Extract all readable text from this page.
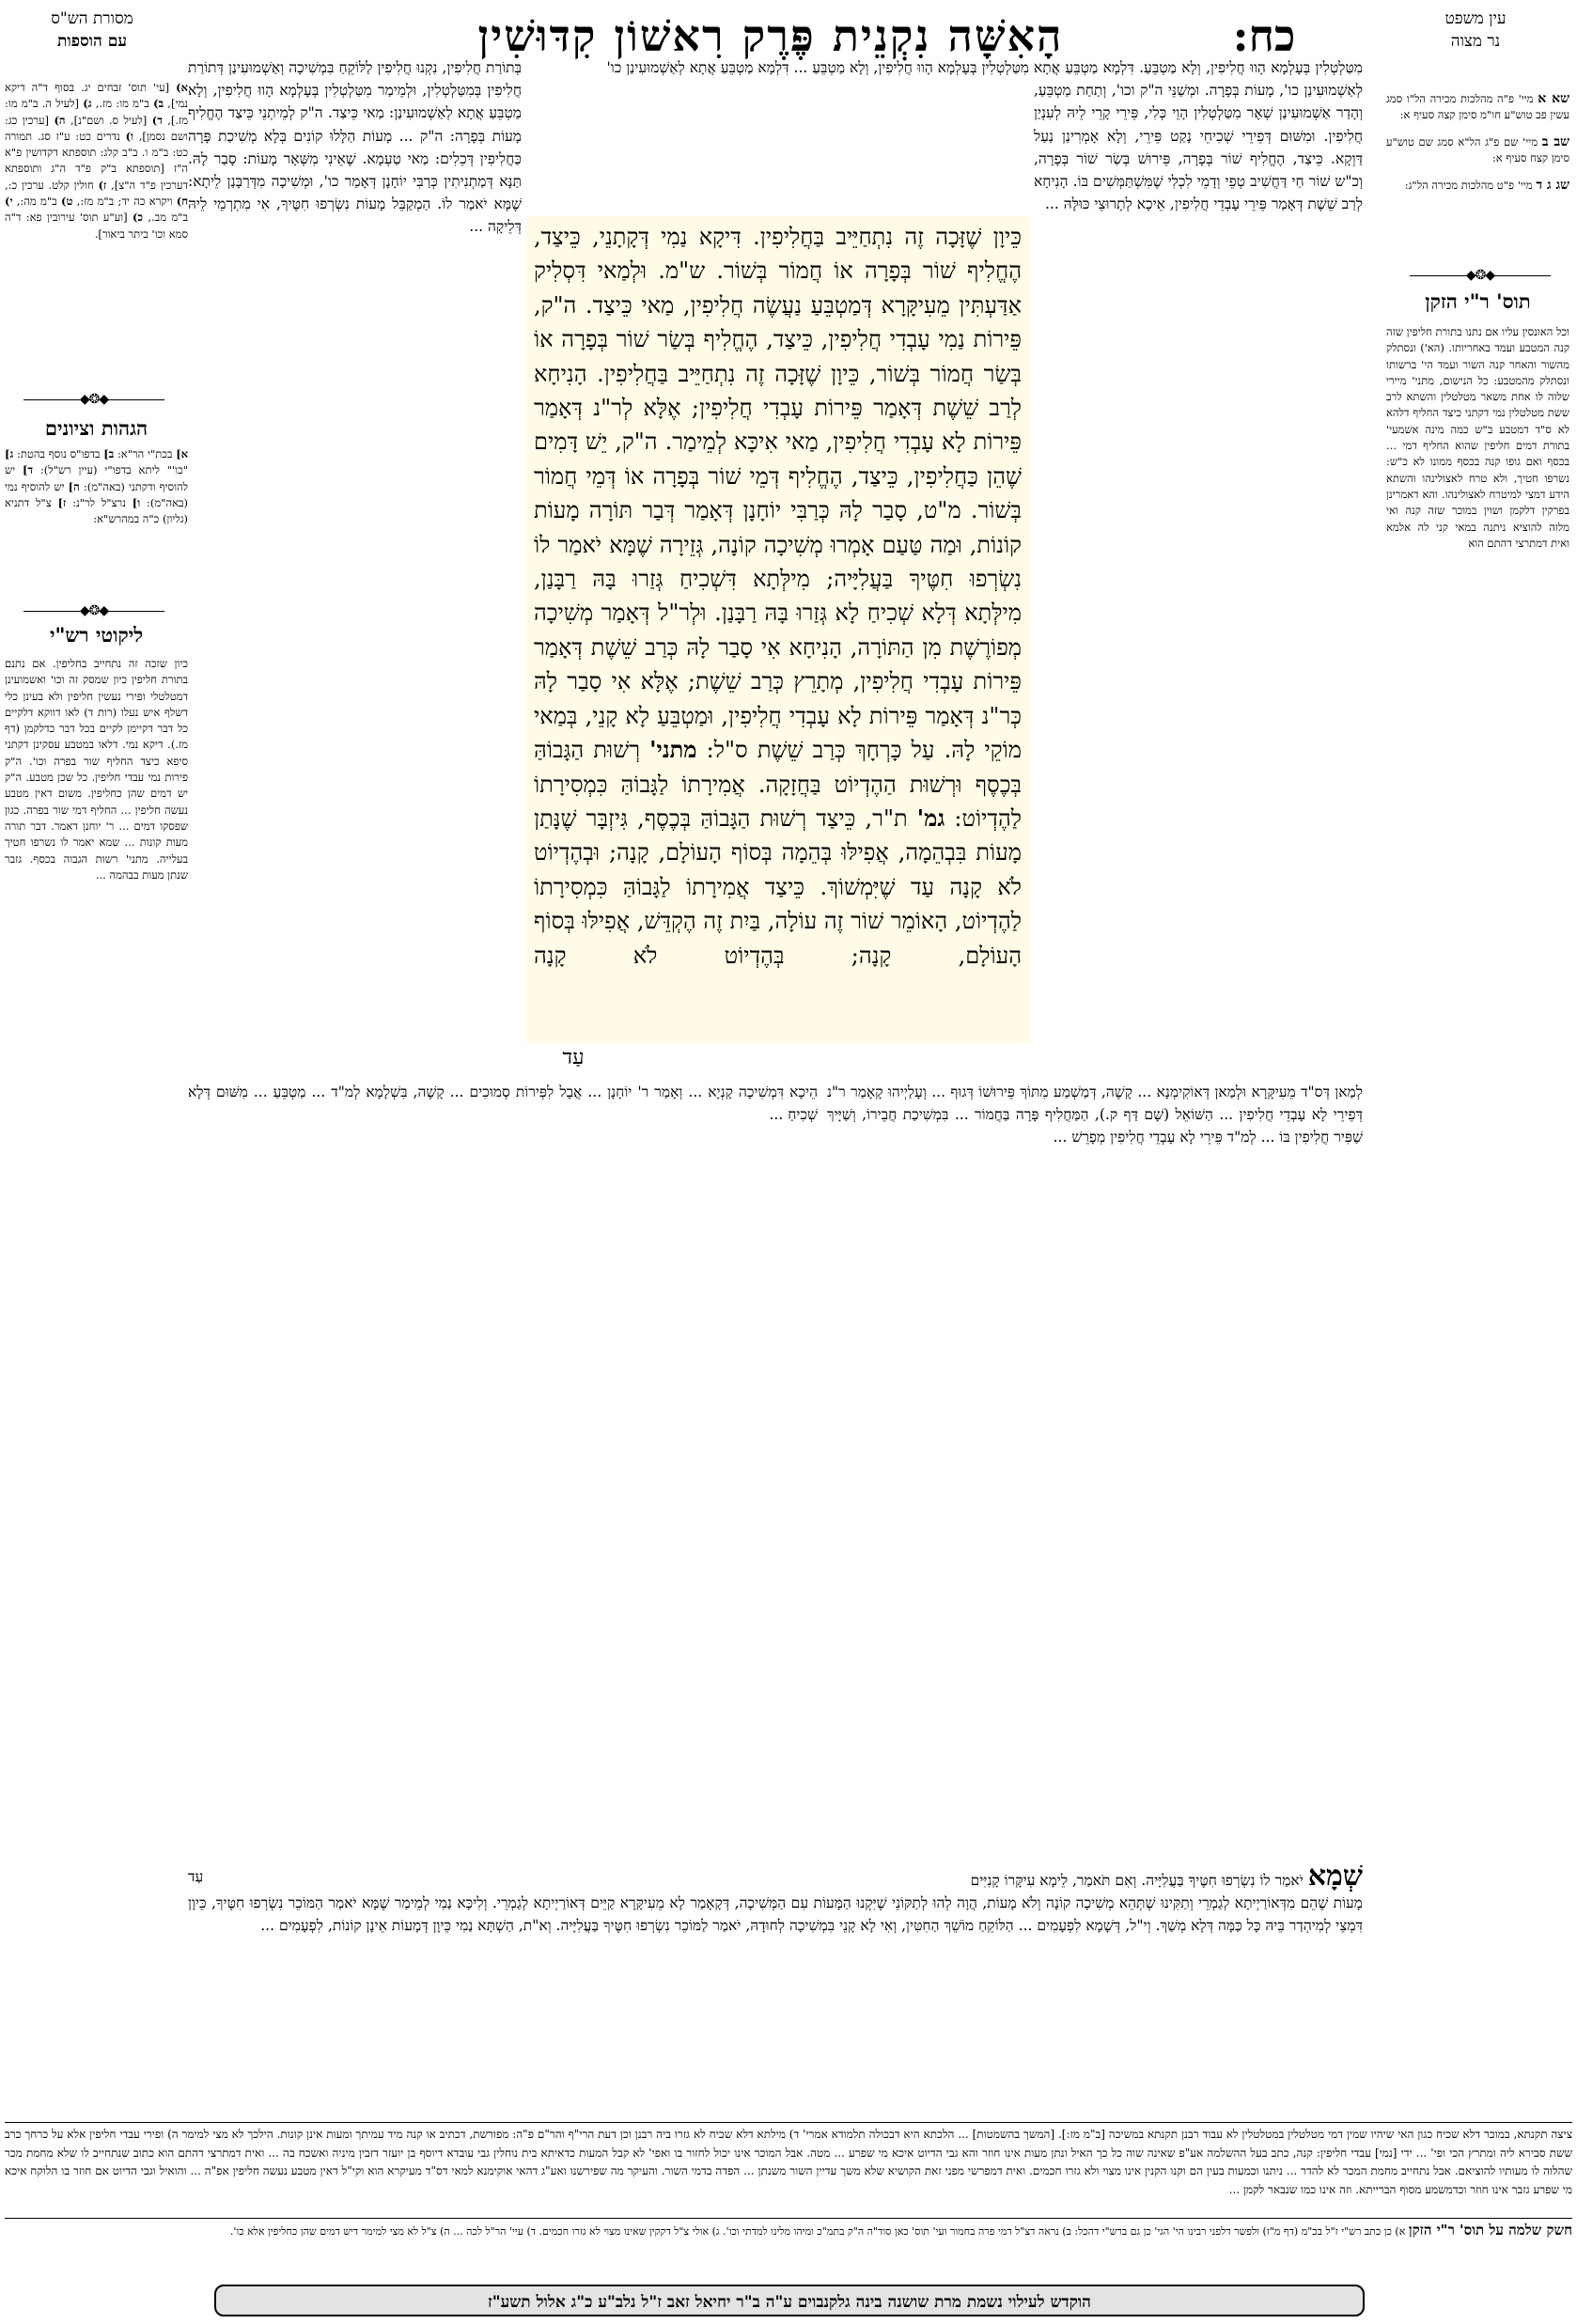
כח:
הָאִשָּׁה נִקְנֵית פֶּרֶק רִאשׁוֹן קִדּוּשִׁין	עין משפט
נר מצוה
מסורת הש"ס
עם הוספות

שא א מיי' פ"ה מהלכות מכירה הל"ו סמג עשין פב טוש"ע חו"מ סימן קצה סעיף א:

שב ב מיי' שם פ"ג הל"א סמג שם טוש"ע סימן קצח סעיף א:

שג ג ד מיי' פ"ט מהלכות מכירה הל"ג:

◆❂◆
תוס' ר"י הזקן
וכל האונסין עליו אם נתנו בתורת חליפין שזה קנה המטבע ועמד באחריותו. (הא') ונסתלק מהשור והאחר קנה השור ועמד הי' ברשותו ונסתלק מהמטבע: כל הנישום, מתני' מיירי שלוה לו אחת משאר מטלטלין והשתא לרב ששת מטלטלין נמי דקתני כיצד החליף דלהא לא ס"ד דמטבע ב"ש כמה מינה אשמעי' בתורת דמים חליפין שהוא החליף דמי ... בכסף ואם גופו קנה בכסף ממונו לא כ"ש: נשרפו חטיך, ולא טרח לאצולינהו והשתא הידע דמצי למיטרח לאצולינהו. והא דאמרינן בפרקין דלקמן ושוין במוכר שזה קנה ואי מלוה להוציא ניתנה במאי קני לה אלמא ואית דמתרצי דהתם הוא
א) [עי' תוס' זבחים יג. בסוף ד"ה דיקא נמי], ב) ב"מ מו: מז., ג) [לעיל ה. ב"מ מו: מז.], ד) [לעיל ס. ושם"נ], ה) [ערכין כג: ושם נסמן], ו) נדרים כט: ע"ז סג. תמורה כט: ב"מ ו. ב"ב קלג: תוספתא דקדושין פ"א ה"ז [תוספתא ב"ק פ"ד ה"ג ותוספתא דערכין פ"ד ה"צ], ז) חולין קלט. ערכין כ:, ח) ויקרא כה יד; ב"מ מז:, ט) ב"מ מה:, י) ב"מ מב., כ) [וע"ע תוס' עירובין פא: ד"ה סמא וכו' ביתר ביאור].
◆❂◆
הגהות וציונים
א] בכת"י הר"א: ב] בדפו"ס נוסף בהטת: ג] "כו'" ליתא בדפו"י (עיין רש"ל): ד] יש להוסיף ודקתני (באה"מ): ה] יש להוסיף נמי (באה"מ): ו] נרצ"ל לר"נ: ז] צ"ל דתניא (גליון) כ"ה במהרש"א:
◆❂◆
ליקוטי רש"י
כיון שזכה זה נתחייב בחליפין. אם נתנם בתורת חליפין כיון שמסק זה וכו' ואשמועינן דמטלטלי ופירי נעשין חליפין ולא בעינן כלי דשלף איש נעלו (רות ד) לאו דווקא דלקיים כל דבר דקיימן לקיים בכל דבר כדלקמן (דף מז.). דיקא נמי. דלאו במטבע עסקינן דקתני סיפא כיצד החליף שור בפרה וכו'. ה"ק פירות נמי עבדי חליפין. כל שכן מטבע. ה"ק יש דמים שהן כחליפין. משום דאין מטבע נעשה חליפין ... החליף דמי שור בפרה. כגון שפסקו דמים ... ר' יוחנן דאמר. דבר תורה מעות קונות ... שמא יאמר לו נשרפו חטיך בעלייה. מתני' רשות הגבוה בכסף. גזבר שנתן מעות בבהמה ...
מִטַּלְטְלִין בְּעָלְמָא הָווּ חֲלִיפִין, וְלָא מַטְבֵּעַ. דִּלְמָא מַטְבֵּעַ אֲתָא לְאַשְׁמוּעִינַן כו', מָעוֹת בְּפָרָה. וּמְשַׁנֵּי ה"ק וכו', וְתַחַת מַטְבֵּעַ, וְהָדַר אַשְׁמוּעִינַן שְׁאָר מִטַּלְטְלִין הָוֵי כְּלִי, פֵּירֵי קָרֵי לֵיהּ לְעִנְיַן חֲלִיפִין. וּמִשּׁוּם דְּפֵירֵי שְׁכִיחֵי נָקַט פֵּירֵי, וְלָא אָמְרִינַן נַעַל דַּוְקָא. כֵּיצַד, הֶחֱלִיף שׁוֹר בְּפָרָה, פֵּירוּשׁ בְּשַׂר שׁוֹר בְּפָרָה, וְכ"ש שׁוֹר חַי דַּחֲשִׁיב טְפֵי וְדָמֵי לִכְלִי שֶׁמִּשְׁתַּמְּשִׁים בּוֹ. הָנִיחָא לְרַב שֵׁשֶׁת דְּאָמַר פֵּירֵי עָבְדֵי חֲלִיפִין, אֵיכָא לְתָרוּצֵי כּוּלָּהּ ...
מִטַּלְטְלִין בְּעָלְמָא הָווּ חֲלִיפִין, וְלָא מַטְבֵּעַ ... דִּלְמָא מַטְבֵּעַ אֲתָא לְאַשְׁמוּעִינַן כו'
בְּתוֹרַת חֲלִיפִין, נִקְנוּ חֲלִיפִין לַלּוֹקֵחַ בִּמְשִׁיכָה וְאַשְׁמוּעִינַן דְּתוֹרַת חֲלִיפִין בְּמִטַּלְטְלִין, וּלְמֵימַר מִטַּלְטְלִין בְּעָלְמָא הָווּ חֲלִיפִין, וְלָא מַטְבֵּעַ אֲתָא לְאַשְׁמוּעִינַן: מַאי כֵּיצַד. ה"ק לְמֵיתְנֵי כֵּיצַד הֶחֱלִיף מָעוֹת בְּפָרָה: ה"ק ... מָעוֹת הַלָּלוּ קוֹנִים בְּלָא מְשִׁיכַת פָּרָה כַּחֲלִיפִין דְּכֵלִים: מַאי טַעְמָא. שֶׁאֵינִי מִשְּׁאָר מָעוֹת: סָבַר לָהּ. תַּנָּא דְּמַתְנִיתִין כְּרַבִּי יוֹחָנָן דְּאָמַר כו', וּמְשִׁיכָה מִדְּרַבָּנַן לֵיתָא: שֶׁמָּא יֹאמַר לוֹ. הַמְקַבֵּל מָעוֹת נִשְׂרְפוּ חִטֶּיךָ, אִי מִתְרְמֵי לֵיהּ דְּלֵיקָה ...	כֵּיוָן שֶׁזָּכָה זֶה נִתְחַיֵּיב בַּחֲלִיפִין. דִּיקָא נַמִי דְּקָתָנֵי, כֵּיצַד, הֶחֱלִיף שׁוֹר בְּפָרָה אוֹ חֲמוֹר בְּשׁוֹר. ש"מ. וּלְמַאי דִּסְלִיק אַדַּעְתִּין מֵעִיקָּרָא דְּמַטְבֵּעַ נַעֲשֶׂה חֲלִיפִין, מַאי כֵּיצַד. ה"ק, פֵּירוֹת נַמִי עָבְדִי חֲלִיפִין, כֵּיצַד, הֶחֱלִיף בְּשַׂר שׁוֹר בְּפָרָה אוֹ בְּשַׂר חֲמוֹר בְּשׁוֹר, כֵּיוָן שֶׁזָּכָה זֶה נִתְחַיֵּיב בַּחֲלִיפִין. הָנִיחָא לְרַב שֵׁשֶׁת דְּאָמַר פֵּירוֹת עָבְדִי חֲלִיפִין; אֶלָּא לְר"נ דְּאָמַר פֵּירוֹת לָא עָבְדִי חֲלִיפִין, מַאי אִיכָּא לְמֵימַר. ה"ק, יֵשׁ דָּמִים שֶׁהֵן כַּחֲלִיפִין, כֵּיצַד, הֶחֱלִיף דְּמֵי שׁוֹר בְּפָרָה אוֹ דְּמֵי חֲמוֹר בְּשׁוֹר. מ"ט, סָבַר לָהּ כְּרַבִּי יוֹחָנָן דְּאָמַר דְּבַר תּוֹרָה מָעוֹת קוֹנוֹת, וּמַה טַּעַם אָמְרוּ מְשִׁיכָה קוֹנָה, גְּזֵירָה שֶׁמָּא יֹאמַר לוֹ נִשְׂרְפוּ חִטֶּיךָ בַּעֲלִיָּיה; מִילְּתָא דִּשְׁכִיחַ גְּזַרוּ בָּהּ רַבָּנַן, מִילְּתָא דְּלָא שְׁכִיחַ לָא גְּזַרוּ בָּהּ רַבָּנַן. וּלְר"ל דְּאָמַר מְשִׁיכָה מְפוֹרֶשֶׁת מִן הַתּוֹרָה, הָנִיחָא אִי סָבַר לָהּ כְּרַב שֵׁשֶׁת דְּאָמַר פֵּירוֹת עָבְדִי חֲלִיפִין, מְתָרֵץ כְּרַב שֵׁשֶׁת; אֶלָּא אִי סָבַר לָהּ כְּר"נ דְּאָמַר פֵּירוֹת לָא עָבְדִי חֲלִיפִין, וּמַטְבֵּעַ לָא קָנֵי, בְּמַאי מוֹקֵי לָהּ. עַל כָּרְחָךְ כְּרַב שֵׁשֶׁת ס"ל: מתני' רְשׁוּת הַגָּבוֹהַּ בְּכֶסֶף וּרְשׁוּת הַהֶדְיוֹט בַּחֲזָקָה. אֲמִירָתוֹ לַגָּבוֹהַּ כִּמְסִירָתוֹ לַהֶדְיוֹט: גמ' ת"ר, כֵּיצַד רְשׁוּת הַגָּבוֹהַּ בְּכֶסֶף, גִּיזְבָּר שֶׁנָּתַן מָעוֹת בִּבְהֵמָה, אֲפִילּוּ בְּהֵמָה בְּסוֹף הָעוֹלָם, קָנָה; וּבְהֶדְיוֹט לֹא קָנָה עַד שֶׁיִּמְשׁוֹךְ. כֵּיצַד אֲמִירָתוֹ לַגָּבוֹהַּ כִּמְסִירָתוֹ לַהֶדְיוֹט, הָאוֹמֵר שׁוֹר זֶה עוֹלָה, בַּיִת זֶה הֶקְדֵּשׁ, אֲפִילּוּ בְּסוֹף הָעוֹלָם, קָנָה; בְּהֶדְיוֹט לֹא קָנָה
עַד
לְמַאן דְּס"ד מֵעִיקָּרָא וּלְמַאן דְּאוֹקִימְנָא ... קָשֶׁה, דְּמַשְׁמַע מִתּוֹךְ פֵּירוּשׁוֹ דְּגוּף ... וְעָלַיְיהוּ קָאָמַר ר"נ דְּפֵירֵי לָא עָבְדֵי חֲלִיפִין ... הַשּׁוֹאֵל (שָׁם דַּף ק.), הַמַּחֲלִיף פָּרָה בַּחֲמוֹר ... בִּמְשִׁיכַת חֲבֵירוֹ, וְשַׁיָּיךְ שַׁפִּיר חֲלִיפִין בּוֹ ... לְמ"ד פֵּירֵי לָא עָבְדֵי חֲלִיפִין מְפָרֵשׁ ...
הֵיכָא דִּמְשִׁיכָה קָנְיָא ... וְאָמַר ר' יוֹחָנָן ... אֲבָל לִפְּירוֹת סְמוּכִים ... קָשֶׁה, בִּשְׁלָמָא לְמ"ד ... מַטְבֵּעַ ... מִשּׁוּם דְּלָא שְׁכִיחַ ...
שְׁמָא יֹאמַר לוֹ נִשְׂרְפוּ חִטֶּיךָ בַּעֲלִיָּיה. וְאִם תֹּאמַר, לֵימָא עִיקָּרוֹ קָנִיִּים
עַד
מָעוֹת שֶׁהֵם מִדְּאוֹרַיְיתָא לְגַמְרֵי וְתַקִּינוּ שֶׁתְּהֵא מְשִׁיכָה קוֹנָה וְלֹא מָעוֹת, הֲוָה לְהוּ לְתַקּוֹנֵי שֶׁיִּקְנוּ הַמָּעוֹת עִם הַמְּשִׁיכָה, דְּקָאָמַר לָא מֵעִיקָּרָא קַיֵּים דְּאוֹרַיְיתָא לְגַמְרֵי. וְלִיכָּא נַמִי לְמֵימַר שֶׁמָּא יֹאמַר הַמּוֹכֵר נִשְׂרְפוּ חִטֶּיךָ, כֵּיוָן דִּמְצֵי לְמִיהְדַר בֵּיהּ כָּל כַּמָּה דְּלָא מְשַׁךְ. וְי"ל, דְּשָׁמָא לִפְעָמִים ... הַלּוֹקֵחַ מוֹשֵׁךְ הַחִטִּין, וְאִי לָא קָנֵי בִּמְשִׁיכָה לְחוּדָהּ, יֹאמַר לַמּוֹכֵר נִשְׂרְפוּ חִטֶּיךָ בַּעֲלִיָּיה. וְא"ת, הַשְׁתָּא נַמִי כֵּיוָן דְּמָעוֹת אֵינָן קוֹנוֹת, לִפְעָמִים ...
ציצה תקנתא, במוכר דלא שכיח כגון האי שיהיו שמין דמי מטלטלין במטלטלין לא עבוד רבנן תקנתא במשיכה [ב"מ מז:]. [המשך בהשמטות] ... הלכתא היא דבכולה תלמודא אמרי' ד) מילתא דלא שכיח לא גזרו ביה רבנן וכן דעת הרי"ף והר"ם פ"ה: מפורשת, דכתיב או קנה מיד עמיתך ומעות אינן קונות. הילכך לא מצי למימר ה) ופירי עבדי חליפין אלא על כרחך כרב ששת סבירא ליה ומתרץ הכי ופי' ... ידי [נמי] עבדי חליפין: קנה, כתב בעל ההשלמה אע"פ שאינה שוה כל כך האיל ונתן מעות אינו חוזר והא גבי הדיוט איכא מי שפרע ... מטה. אבל המוכר אינו יכול לחזור בו ואפי' לא קבל המעות כדאיתא בית נוחלין גבי עובדא דיוסף בן יועזר דזבין מיניה ואשכח בה ... ואית דמתרצי דהתם הוא כתוב שנתחייב לו שלא מחמת מכר שהלוה לו מעותיו להוציאם. אבל נתחייב מחמת המכר לא להדר ... ניתנו וכמעות בעין הם וקנו הקנין אינו מצוי ולא גזרו חכמים. ואית דמפרשי מפני זאת הקושיא שלא משך עדיין השור משנתן ... הפדה בדמי השור. והעיקר מה שפירשנו ואע"ג דהאי אוקימנא למאי דס"ד מעיקרא הוא וקי"ל דאין מטבע נעשה חליפין אפ"ה ... והואיל וגבי הדיוט אם חוזר בו הלוקח איכא מי שפרע גזבר אינו חוזר וכדמשמע מסוף הברייתא. וזה אינו כמו שנבאר לקמן ...
חשק שלמה על תוס' ר"י הזקן א) כן כתב רש"י ז"ל בכ"מ (דף מ"ז) ולפשר דלפני רבינו הי' הגי' כן גם ברש"י דהכל: ב) נראה דצ"ל דמי פרה בחמור ועי' תוס' כאן סוד"ה ה"ק בתמ"כ ומיהו מלינו למדתי וכו'. ג) אולי צ"ל דקקין שאינו מצוי לא גזרו חכמים. ד) עיי' הר"ל לכה ... ה) צ"ל לא מצי למימר דיש דמים שהן כחליפין אלא כו'.
הוקדש לעילוי נשמת מרת שושנה בינה גלקנבוים ע"ה ב"ר יחיאל זאב ז"ל נלב"ע כ"ג אלול תשע"ז
